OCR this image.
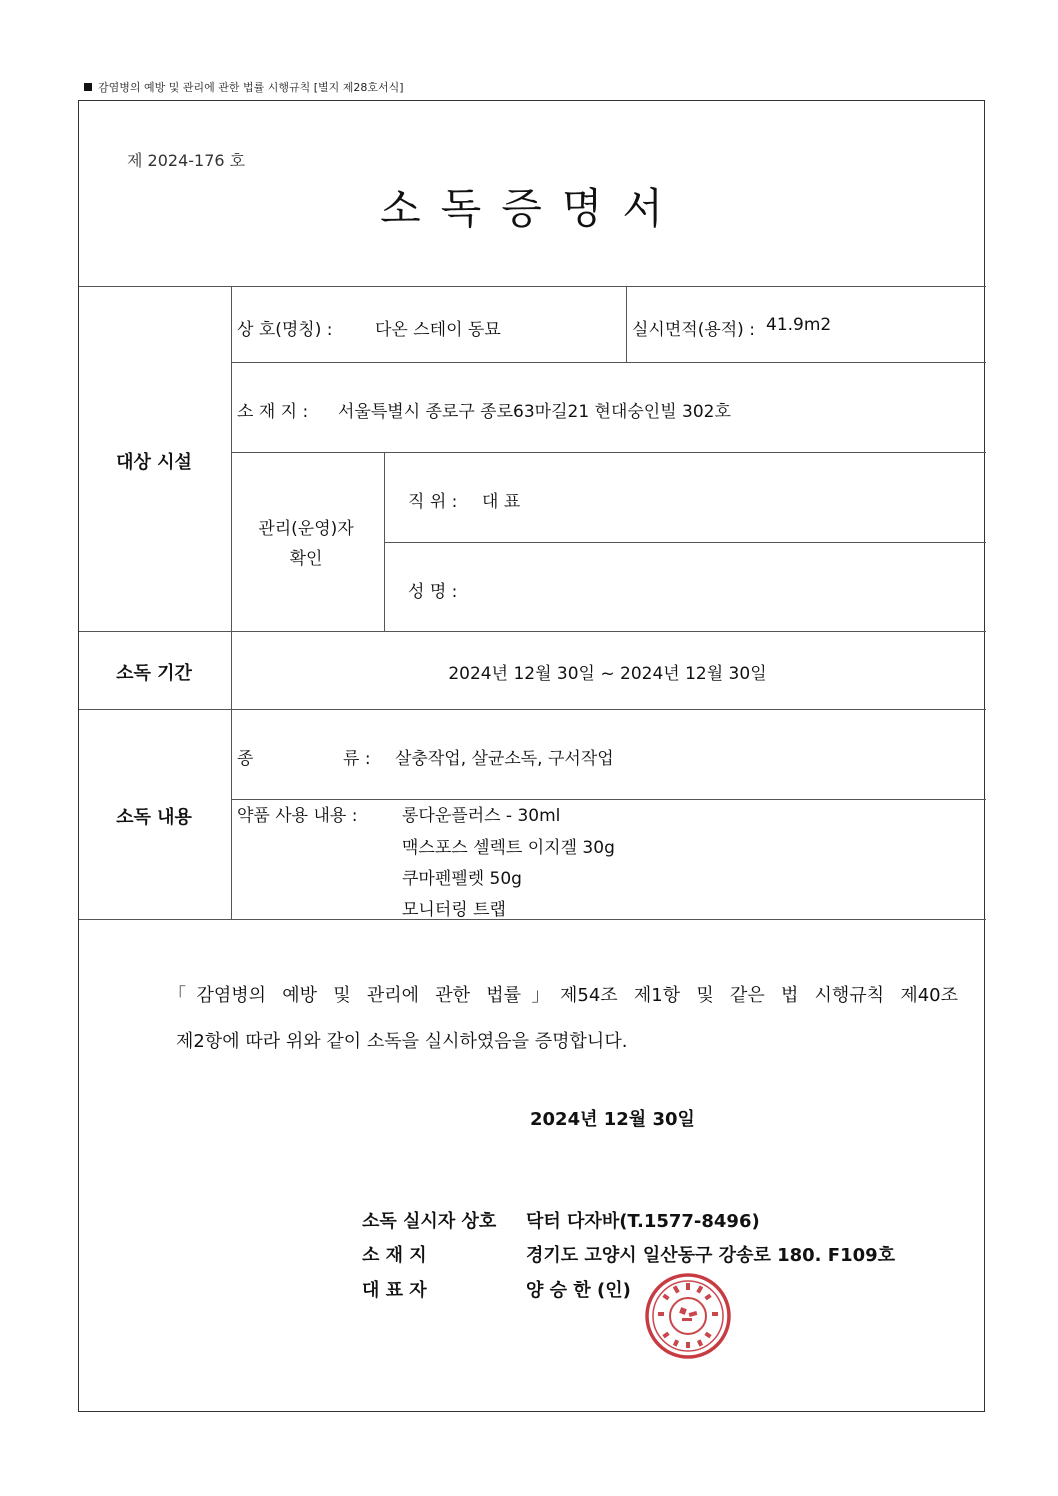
감염병의 예방 및 관리에 관한 법률 시행규칙 [별지 제28호서식]
제 2024-176 호
소독증명서
대상 시설
상 호(명칭) :	다온 스테이 동묘	실시면적(용적) : 41.9m2
소 재 지 : 서울특별시 종로구 종로63마길21 현대숭인빌 302호
관리(운영)자
확인
직 위 : 대 표
성 명 :
소독 기간	2024년 12월 30일 ~ 2024년 12월 30일
소독 내용
종	류 : 살충작업, 살균소독, 구서작업
약품 사용 내용 :	롱다운플러스 - 30ml
맥스포스 셀렉트 이지겔 30g
쿠마펜펠렛 50g
모니터링 트랩
「감염병의 예방 및 관리에 관한 법률」제54조 제1항 및 같은 법 시행규칙 제40조
제2항에 따라 위와 같이 소독을 실시하였음을 증명합니다.
2024년 12월 30일
소독 실시자 상호 닥터 다자바(T.1577-8496)
소 재 지	경기도 고양시 일산동구 강송로 180. F109호
대 표 자	양 승 한 (인)
